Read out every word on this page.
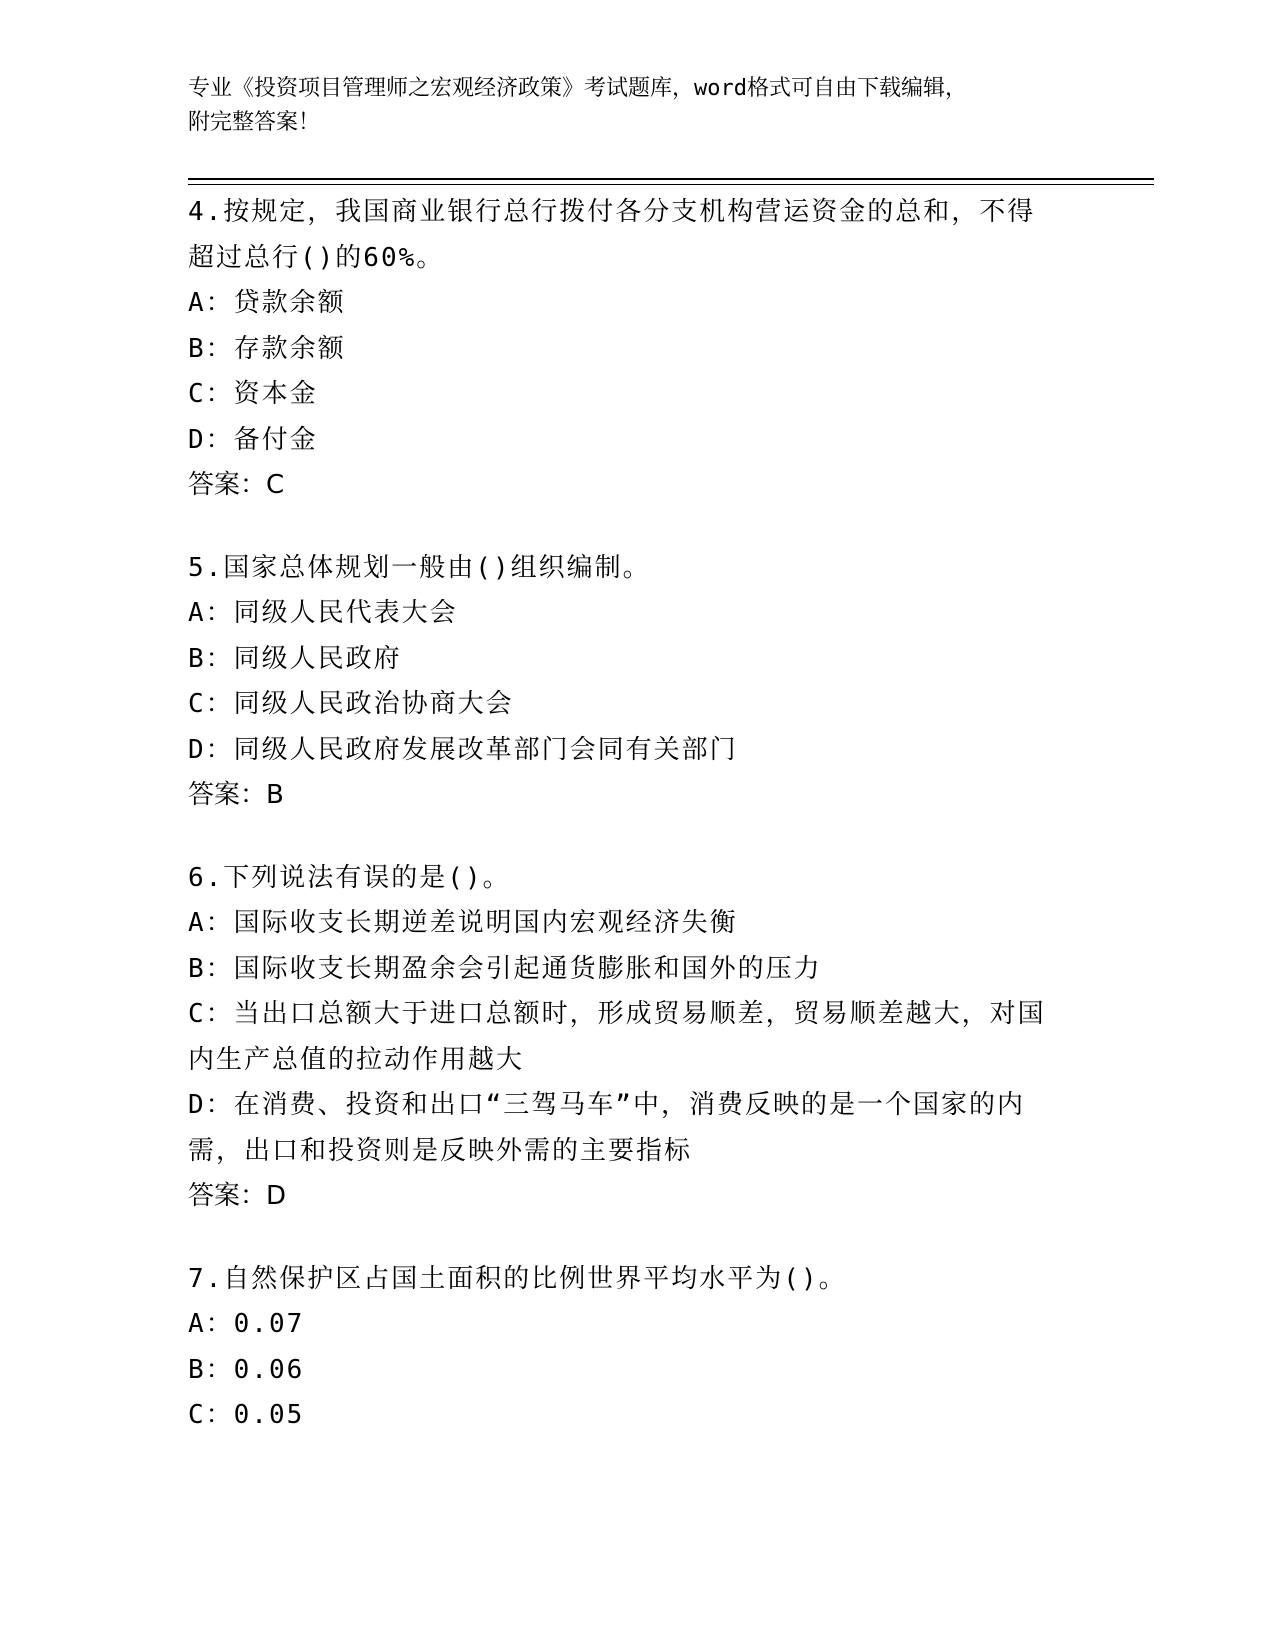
专业《投资项目管理师之宏观经济政策》考试题库，word格式可自由下载编辑，
附完整答案！

4.按规定，我国商业银行总行拨付各分支机构营运资金的总和，不得

超过总行()的60%。

A：贷款余额

B：存款余额

C：资本金

D：备付金

答案：C

5.国家总体规划一般由()组织编制。

A：同级人民代表大会

B：同级人民政府

C：同级人民政治协商大会

D：同级人民政府发展改革部门会同有关部门

答案：B

6.下列说法有误的是()。

A：国际收支长期逆差说明国内宏观经济失衡

B：国际收支长期盈余会引起通货膨胀和国外的压力

C：当出口总额大于进口总额时，形成贸易顺差，贸易顺差越大，对国

内生产总值的拉动作用越大

D：在消费、投资和出口“三驾马车”中，消费反映的是一个国家的内

需，出口和投资则是反映外需的主要指标

答案：D

7.自然保护区占国土面积的比例世界平均水平为()。

A：0.07

B：0.06

C：0.05
